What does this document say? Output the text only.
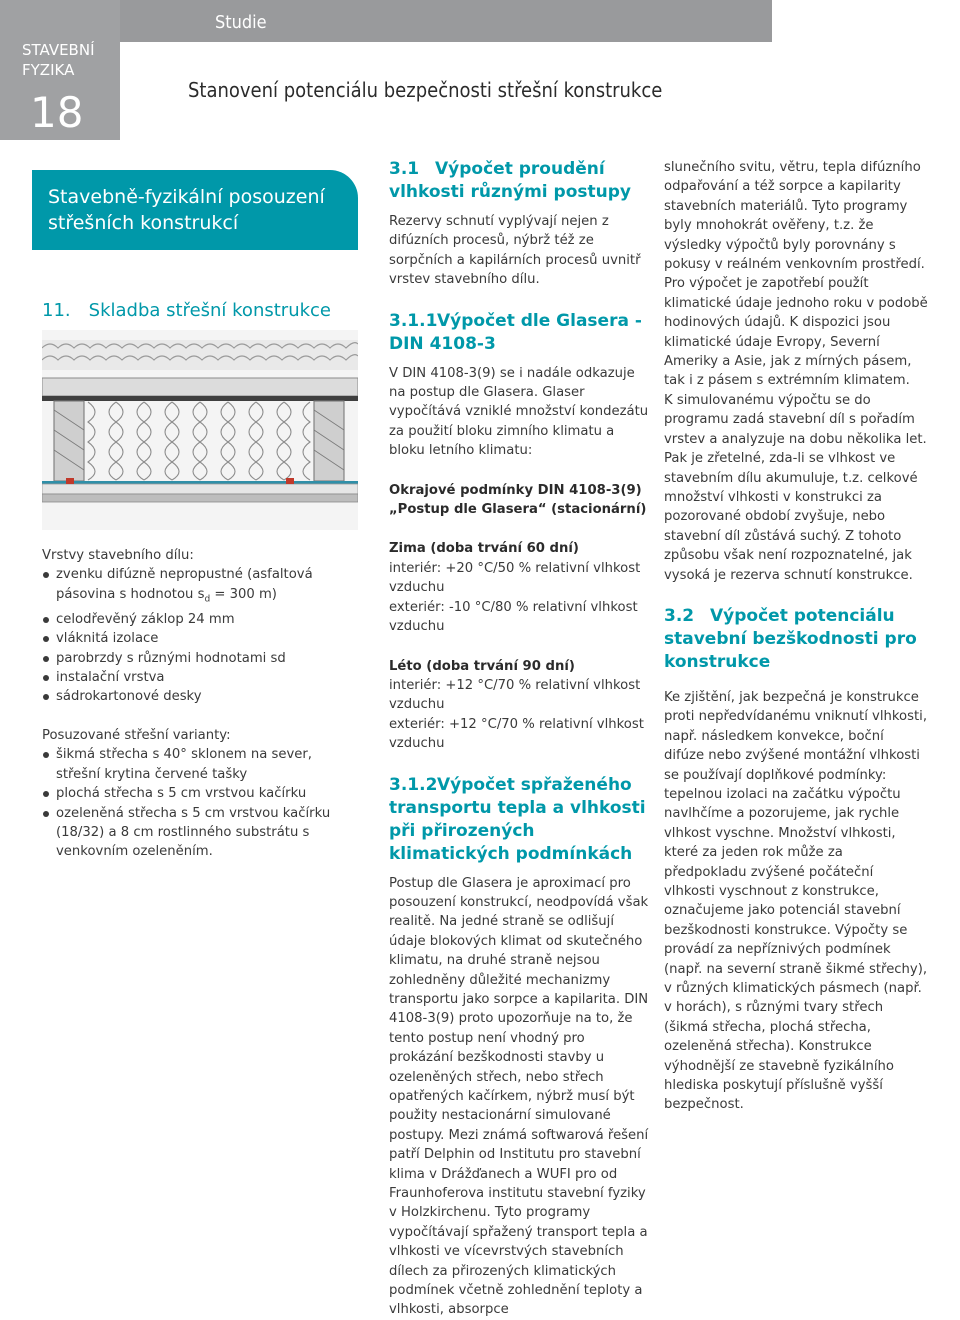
Studie
STAVEBNÍ FYZIKA
18	Stanovení potenciálu bezpečnosti střešní konstrukce
Stavebně-fyzikální posouzení střešních konstrukcí
11. Skladba střešní konstrukce

Vrstvy stavebního dílu:

zvenku difúzně nepropustné (asfaltová pásovina s hodnotou $s_d = 300$ m)
celodřevěný záklop 24 mm
vláknitá izolace
parobrzdy s různými hodnotami sd
instalační vrstva
sádrokartonové desky

Posuzované střešní varianty:

šikmá střecha s 40° sklonem na sever, střešní krytina červené tašky
plochá střecha s 5 cm vrstvou kačírku
ozeleněná střecha s 5 cm vrstvou kačírku (18/32) a 8 cm rostlinného substrátu s venkovním ozeleněním.
3.1 Výpočet proudění vlhkosti různými postupy

Rezervy schnutí vyplývají nejen z difúzních procesů, nýbrž též ze sorpčních a kapilárních procesů uvnitř vrstev stavebního dílu.

3.1.1Výpočet dle Glasera - DIN 4108-3

V DIN 4108-3(9) se i nadále odkazuje na postup dle Glasera. Glaser vypočítává vzniklé množství kondezátu za použití bloku zimního klimatu a bloku letního klimatu:

Okrajové podmínky DIN 4108-3(9) „Postup dle Glasera“ (stacionární)

Zima (doba trvání 60 dní)

interiér: +20 °C/50 % relativní vlhkost vzduchu

exteriér: -10 °C/80 % relativní vlhkost vzduchu

Léto (doba trvání 90 dní)

interiér: +12 °C/70 % relativní vlhkost vzduchu

exteriér: +12 °C/70 % relativní vlhkost vzduchu

3.1.2Výpočet spřaženého transportu tepla a vlhkosti při přirozených klimatických podmínkách

Postup dle Glasera je aproximací pro posouzení konstrukcí, neodpovídá však realitě. Na jedné straně se odlišují údaje blokových klimat od skutečného klimatu, na druhé straně nejsou zohledněny důležité mechanizmy transportu jako sorpce a kapilarita. DIN 4108-3(9) proto upozorňuje na to, že tento postup není vhodný pro prokázání bezškodnosti stavby u ozeleněných střech, nebo střech opatřených kačírkem, nýbrž musí být použity nestacionární simulované postupy. Mezi známá softwarová řešení patří Delphin od Institutu pro stavební klima v Drážďanech a WUFI pro od Fraunhoferova institutu stavební fyziky v Holzkirchenu. Tyto programy vypočítávají spřažený transport tepla a vlhkosti ve vícevrstvých stavebních dílech za přirozených klimatických podmínek včetně zohlednění teploty a vlhkosti, absorpce

slunečního svitu, větru, tepla difúzního odpařování a též sorpce a kapilarity stavebních materiálů. Tyto programy byly mnohokrát ověřeny, t.z. že výsledky výpočtů byly porovnány s pokusy v reálném venkovním prostředí. Pro výpočet je zapotřebí použít klimatické údaje jednoho roku v podobě hodinových údajů. K dispozici jsou klimatické údaje Evropy, Severní Ameriky a Asie, jak z mírných pásem, tak i z pásem s extrémním klimatem.

K simulovanému výpočtu se do programu zadá stavební díl s pořadím vrstev a analyzuje na dobu několika let.

Pak je zřetelné, zda-li se vlhkost ve stavebním dílu akumuluje, t.z. celkové množství vlhkosti v konstrukci za pozorované období zvyšuje, nebo stavební díl zůstává suchý. Z tohoto způsobu však není rozpoznatelné, jak vysoká je rezerva schnutí konstrukce.

3.2 Výpočet potenciálu stavební bezškodnosti pro konstrukce

Ke zjištění, jak bezpečná je konstrukce proti nepředvídanému vniknutí vlhkosti, např. následkem konvekce, boční difúze nebo zvýšené montážní vlhkosti se používají doplňkové podmínky:

tepelnou izolaci na začátku výpočtu navlhčíme a pozorujeme, jak rychle vlhkost vyschne. Množství vlhkosti, které za jeden rok může za předpokladu zvýšené počáteční vlhkosti vyschnout z konstrukce, označujeme jako potenciál stavební bezškodnosti konstrukce. Výpočty se provádí za nepříznivých podmínek (např. na severní straně šikmé střechy), v různých klimatických pásmech (např. v horách), s různými tvary střech (šikmá střecha, plochá střecha, ozeleněná střecha). Konstrukce výhodnější ze stavebně fyzikálního hlediska poskytují příslušně vyšší bezpečnost.
